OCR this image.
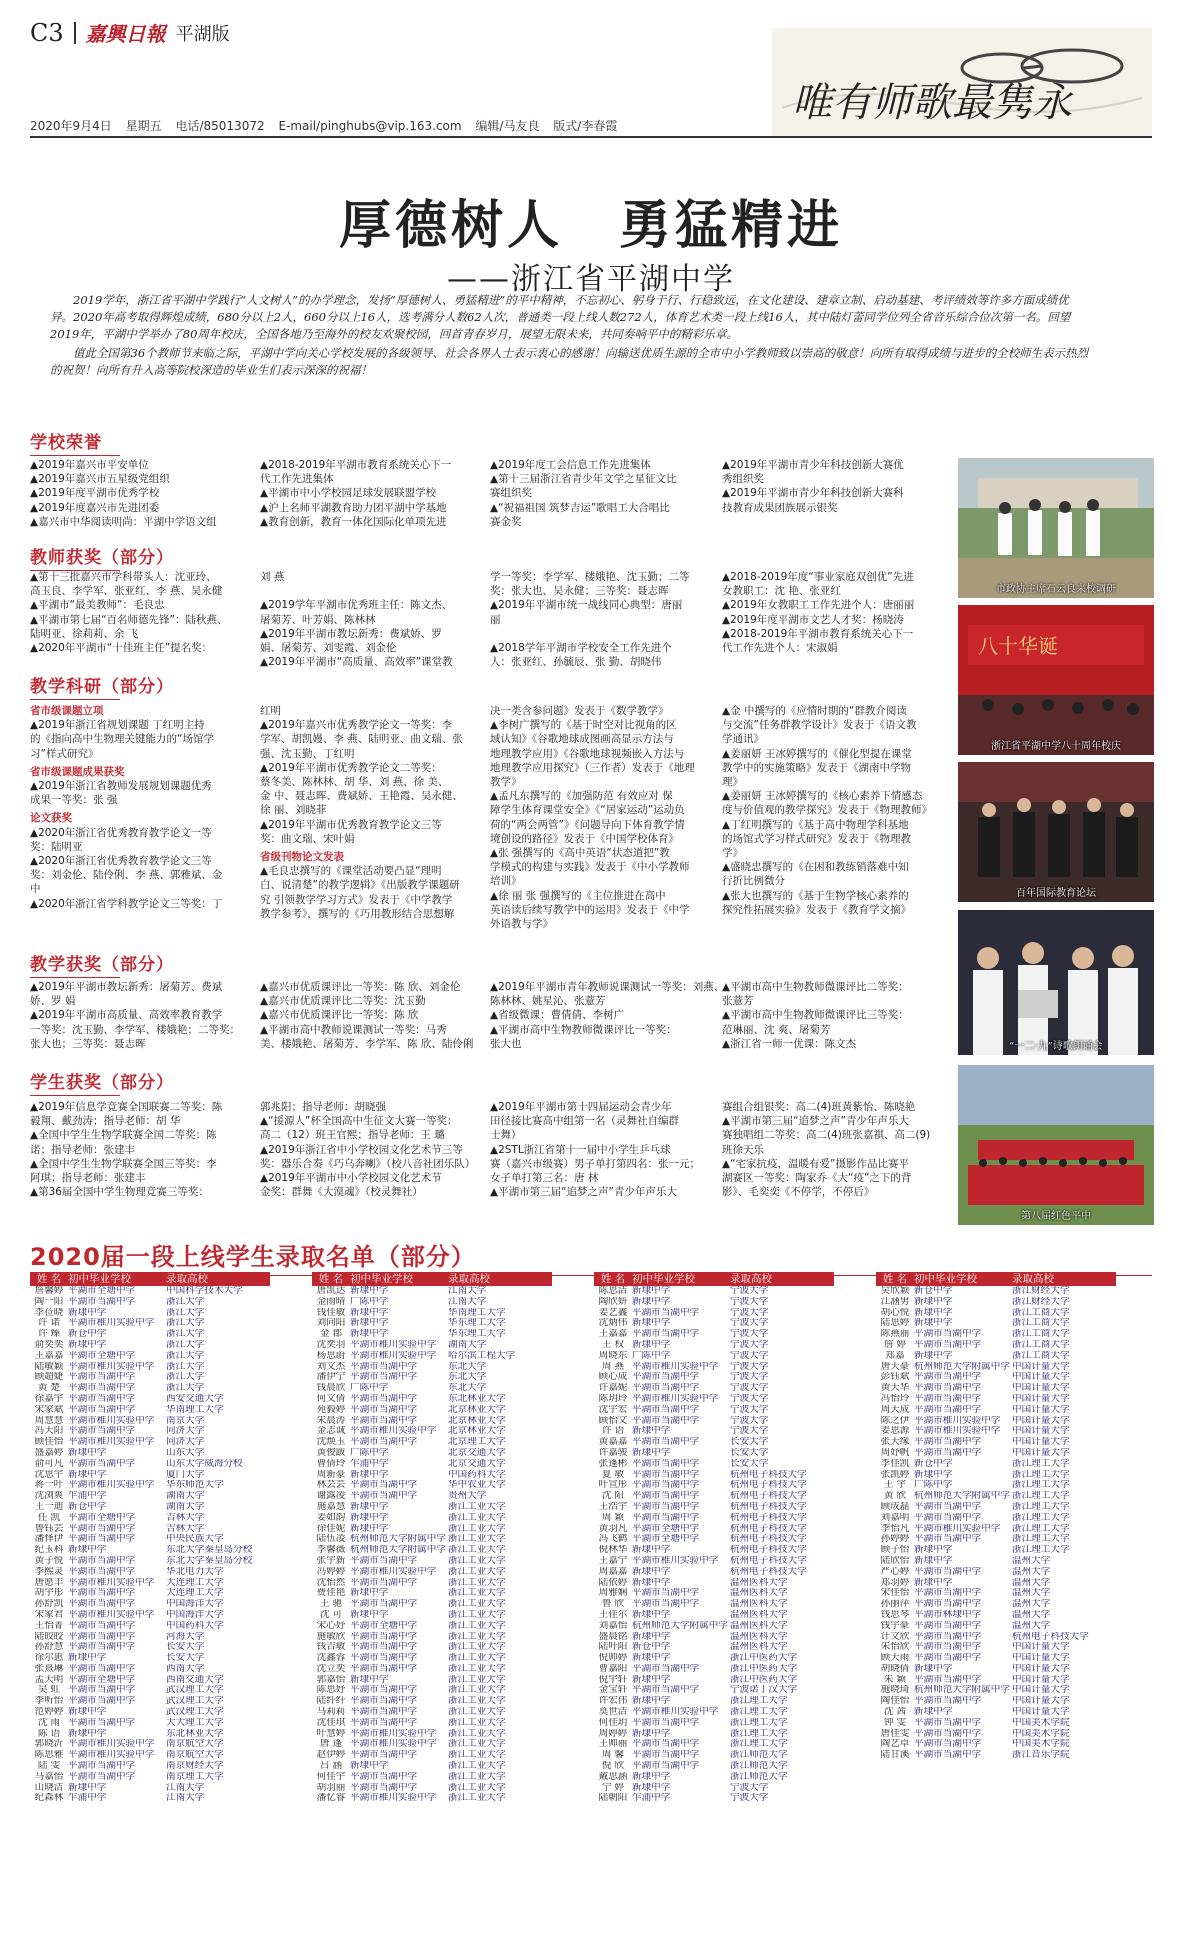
C3 嘉興日報 平湖版
唯有师歌最隽永
2020年9月4日 星期五 电话/85013072 E-mail/pinghubs@vip.163.com 编辑/马友良 版式/李春霞
厚德树人　勇猛精进
——浙江省平湖中学

2019学年，浙江省平湖中学践行“人文树人”的办学理念，发扬“厚德树人、勇猛精进”的平中精神，不忘初心、躬身于行、行稳致远，在文化建设、建章立制、启动基建、考评绩效等许多方面成绩优异。2020年高考取得辉煌成绩，680分以上2人，660分以上16人，选考满分人数62人次，普通类一段上线人数272人，体育艺术类一段上线16人，其中陆灯蕾同学位列全省音乐综合位次第一名。回望2019年，平湖中学举办了80周年校庆，全国各地乃至海外的校友欢聚校园，回首青春岁月，展望无限未来，共同奏响平中的精彩乐章。

值此全国第36个教师节来临之际，平湖中学向关心学校发展的各级领导、社会各界人士表示衷心的感谢！向输送优质生源的全市中小学教师致以崇高的敬意！向所有取得成绩与进步的全校师生表示热烈的祝贺！向所有升入高等院校深造的毕业生们表示深深的祝福！

学校荣誉
▲2019年嘉兴市平安单位
▲2019年嘉兴市五星级党组织
▲2019年度平湖市优秀学校
▲2019年度嘉兴市先进团委
▲嘉兴市中华阅读明尚：平湖中学语文组
▲2018-2019年平湖市教育系统关心下一
代工作先进集体
▲平湖市中小学校园足球发展联盟学校
▲沪上名师平湖教育助力团平湖中学基地
▲教育创新，教育一体化国际化单项先进
▲2019年度工会信息工作先进集体
▲第十三届浙江省青少年文学之星征文比
赛组织奖
▲“祝福祖国 筑梦吉运”歌唱工大合唱比
赛金奖
▲2019年平湖市青少年科技创新大赛优
秀组织奖
▲2019年平湖市青少年科技创新大赛科
技教育成果团族展示银奖
教师获奖（部分）
▲第十三批嘉兴市学科带头人：沈亚玲、
高玉良、李学军、张亚红、李 燕、吴永健
▲平湖市“最美教师”：毛良忠
▲平湖市第七届“百名师德先锋”：陆秋燕、
陆明亚、徐莉莉、余 飞
▲2020年平湖市“十佳班主任”提名奖：
刘 燕

▲2019学年平湖市优秀班主任：陈文杰、
屠菊芳、叶芳娟、陈林林
▲2019年平湖市教坛新秀：费斌娇、罗
娟、屠菊芳、刘雯霞、刘金伦
▲2019年平湖市“高质量、高效率”课堂教
学一等奖：李学军、楼娥艳、沈玉勤；二等
奖：张大也、吴永健；三等奖：聂志晖
▲2019年平湖市统一战线同心典型：唐丽
丽

▲2018学年平湖市学校安全工作先进个
人：张亚红、孙毓辰、张 勤、胡晓伟
▲2018-2019年度“事业家庭双创优”先进
女教职工：沈 艳、张亚红
▲2019年女教职工工作先进个人：唐丽丽
▲2019年度平湖市文艺人才奖：杨晓涛
▲2018-2019年平湖市教育系统关心下一
代工作先进个人：宋淑娟
教学科研（部分）
省市级课题立项
▲2019年浙江省规划课题 丁红明主持
的《指向高中生物理关键能力的“场馆学
习”样式研究》
省市级课题成果获奖
▲2019年浙江省教师发展规划课题优秀
成果一等奖：张 强
论文获奖
▲2020年浙江省优秀教育教学论文一等
奖：陆明亚
▲2020年浙江省优秀教育教学论文三等
奖：刘金伦、陆伶俐、李 燕、郭雅斌、金
中
▲2020年浙江省学科教学论文三等奖：丁
红明
▲2019年嘉兴市优秀教学论文一等奖：李
学军、胡凯嫚、李 燕、陆明亚、曲文瑞、张
强、沈玉勤、丁红明
▲2019年平湖市优秀教学论文二等奖：
蔡冬美、陈林林、胡 华、刘 燕、徐 美、
金 中、聂志晖、费斌娇、王艳霞、吴永健、
徐 丽、刘晓菲
▲2019年平湖市优秀教育教学论文三等
奖：曲文瑞、宋叶娟
省级刊物论文发表
▲毛良忠撰写的《课堂活动要凸显“理明
白、说清楚”的教学逻辑》《出版教学课题研
究 引领教学学习方式》发表于《中学教学
教学参考》，撰写的《巧用教形结合思想解
决一类含参问题》发表于《数学教学》
▲李树广撰写的《基于时空对比视角的区
域认知》《谷歌地球成图画高显示方法与
地理教学应用》《谷歌地球视频嵌入方法与
地理教学应用探究》（三作者）发表于《地理
教学》
▲孟凡东撰写的《加强防范 有效应对 保
障学生体育课堂安全》《“居家运动”运动负
荷的“两会两管”》《问题导向下体育教学情
境创设的路径》发表于《中国学校体育》
▲张 强撰写的《高中英语“状态道把”教
学模式的构建与实践》发表于《中小学教师
培训》
▲徐 丽 张 强撰写的《主位推进在高中
英语读后续写教学中的运用》发表于《中学
外语教与学》
▲金 中撰写的《应情时期的“群教介阅读
与交流”任务群教学设计》发表于《语文教
学通讯》
▲姜丽妍 王冰婷撰写的《催化型提在课堂
教学中的实施策略》发表于《湖南中学物
理》
▲姜丽妍 王冰婷撰写的《核心素养下情感态
度与价值观的教学探究》发表于《物理教师》
▲丁红明撰写的《基于高中物理学科基地
的场馆式学习样式研究》发表于《物理教
学》
▲盛晓忠撰写的《在困和教练销落难中知
行折比例微分
▲张大也撰写的《基于生物学核心素养的
探究性拓展实验》发表于《教育学文摘》
教学获奖（部分）
▲2019年平湖市教坛新秀：屠菊芳、费斌
娇、罗 娟
▲2019年平湖市高质量、高效率教育教学
一等奖：沈玉勤、李学军、楼娥艳；二等奖：
张大也；三等奖：聂志晖
▲嘉兴市优质课评比一等奖：陈 欣、刘金伦
▲嘉兴市优质课评比二等奖：沈玉勤
▲嘉兴市优质课评比一等奖：陈 欣
▲平湖市高中教师说课测试一等奖：马秀
美、楼娥艳、屠菊芳、李学军、陈 欣、陆伶俐
▲2019年平湖市青年教师说课测试一等奖：刘燕、
陈林林、姚星沁、张薏芳
▲省级微课：曹倩倩、李树广
▲平湖市高中生物教师微课评比一等奖：
张大也
▲平湖市高中生物教师微课评比二等奖：
张薏芳
▲平湖市高中生物教师微课评比三等奖：
范琳丽、沈 爽、屠菊芳
▲浙江省一师一优课：陈文杰
学生获奖（部分）
▲2019年信息学竞赛全国联赛二等奖：陈
毅翔、戴劲涛；指导老师：胡 华
▲全国中学生生物学联赛全国二等奖：陈
诺；指导老师：张建丰
▲全国中学生生物学联赛全国三等奖：李
阿琪；指导老师：张建丰
▲第36届全国中学生物理竞赛三等奖：
郭兆阳；指导老师：胡晓强
▲“援源人”杯全国高中生征文大赛一等奖：
高二（12）班王官熙；指导老师：王 璐
▲2019年浙江省中小学校园文化艺术节三等
奖：器乐合奏《巧乌奔喇》（校八音社团乐队）
▲2019年平湖市中小学校园文化艺术节
金奖：群舞《大漠魂》（校灵舞社）
▲2019年平湖市第十四届运动会青少年
田径接比赛高中组第一名（灵舞社自编群
士舞）
▲2STL浙江省第十一届中小学生乒乓球
赛（嘉兴市级赛）男子单打第四名：张一元；
女子单打第三名：唐 林
▲平湖市第三届“追梦之声”青少年声乐大
赛组合组银奖：高二(4)班黄紫怡、陈晓艳
▲平湖市第三届“追梦之声”青少年声乐大
赛独唱组二等奖：高二(4)班张嘉祺、高二(9)
班徐天乐
▲“宅家抗疫，温暖有爱”摄影作品比赛平
湖赛区一等奖：陶家乔《大“疫”之下的背
影》、毛奕奕《不停学，不停后》
市政协主席石云良来校调研
八十华诞
浙江省平湖中学八十周年校庆
百年国际教育论坛
“一二·九”诗歌朗诵会
第八届红色平中
2020届一段上线学生录取名单（部分）
姓 名 初中毕业学校	录取高校
詹馨婷 平湖市全塘中学	中国科学技术大学
陶一阳 平湖市当湖中学	浙江大学
李莅晓 新埭中学	浙江大学
许 诺 平湖市稚川实验中学	浙江大学
许 臻 新仓中学	浙江大学
俞奕奕 新埭中学	浙江大学
王嘉嘉 平湖市全塘中学	浙江大学
陆敏颖 平湖市稚川实验中学	浙江大学
顾超婕 平湖市当湖中学	浙江大学
黄 楚 平湖市当湖中学	浙江大学
徐嘉宇 平湖市当湖中学	西安交通大学
宋家斌 平湖市当湖中学	华南理工大学
周慧慧 平湖市稚川实验中学	南京大学
冯天阳 平湖市当湖中学	同济大学
顾佳怡 平湖市稚川实验中学	同济大学
盛嘉婷 新埭中学	山东大学
俞可凡 平湖市当湖中学	山东大学威海分校
沈思宇 新埭中学	厦门大学
蒋一叶 平湖市稚川实验中学	华东师范大学
沈浏爽 乍浦中学	湖南大学
王一迪 新仓中学	湖南大学
任 凯 平湖市全塘中学	吉林大学
鲁钰芸 平湖市当湖中学	吉林大学
潘怿伊 平湖市当湖中学	中央民族大学
纪玉科 新埭中学	东北大学秦皇岛分校
黄子悦 平湖市当湖中学	东北大学秦皇岛分校
李熙灵 平湖市当湖中学	华北电力大学
唐愿丰 平湖市稚川实验中学	大连理工大学
胡宇彤 平湖市当湖中学	大连理工大学
孙舒凯 平湖市当湖中学	中国海洋大学
宋家君 平湖市稚川实验中学	中国海洋大学
王怡菁 平湖市当湖中学	中国药科大学
陆皎皎 平湖市当湖中学	河海大学
孙舒慧 平湖市当湖中学	长安大学
徐尔惠 新埭中学	长安大学
张熹琳 平湖市当湖中学	西南大学
孟天明 平湖市全塘中学	西南交通大学
吴 虹 平湖市当湖中学	武汉理工大学
李听怡 平湖市当湖中学	武汉理工大学
范婷婷 新埭中学	武汉理工大学
沈 雨 平湖市当湖中学	大大理工大学
陈 语 新埭中学	东北林业大学
郭晓沂 平湖市稚川实验中学	南京航空大学
陈思雅 平湖市稚川实验中学	南京航空大学
陆 雯 平湖市当湖中学	南京财经大学
马嘉怡 平湖市当湖中学	南京理工大学
山晓洁 新埭中学	江南大学
纪森林 乍浦中学	江南大学
姓 名 初中毕业学校	录取高校
唐凯达 新埭中学	江南大学
金雨晴 广陈中学	江南大学
钱佳敏 新埭中学	华南理工大学
刘向阳 新埭中学	华东理工大学
金 郡 新埭中学	华东理工大学
沈奕羽 平湖市稚川实验中学	湖南大学
杨思蔚 平湖市稚川实验中学	哈尔滨工程大学
刘文杰 平湖市当湖中学	东北大学
潘伊宁 平湖市当湖中学	东北大学
钱晨欣 广陈中学	东北大学
何文倩 平湖市当湖中学	东北林业大学
苑毅婷 平湖市当湖中学	北京林业大学
朱晨涛 平湖市当湖中学	北京林业大学
金志诚 平湖市稚川实验中学	北京林业大学
沈焕玉 平湖市当湖中学	北京理工大学
黄俊跋 广陈中学	北京交通大学
曹倩玲 乍浦中学	北京交通大学
周新豪 新埭中学	中国药科大学
林芸芸 平湖市当湖中学	华中农业大学
谢露凌 平湖市当湖中学	贵州大学
施嘉慧 新埭中学	浙江工业大学
姜如韵 新埭中学	浙江工业大学
徐佳妮 新埭中学	浙江工业大学
陆伍凌 杭州师范大学附属中学 浙江工业大学
李馨薇 杭州师范大学附属中学 浙江工业大学
张宇新 平湖市当湖中学	浙江工业大学
冯婷婷 平湖市稚川实验中学	浙江工业大学
沈怡然 平湖市当湖中学	浙江工业大学
费佳艳 新埭中学	浙江工业大学
王 驰 平湖市当湖中学	浙江工业大学
沈 可 新埭中学	浙江工业大学
宋心妤 平湖市全塘中学	浙江工业大学
施敏欣 平湖市当湖中学	浙江工业大学
钱吉敏 平湖市当湖中学	浙江工业大学
沈鑫蓉 平湖市当湖中学	浙江工业大学
沈立奕 平湖市当湖中学	浙江工业大学
郭嘉怡 新埭中学	浙江工业大学
陈思妤 平湖市当湖中学	浙江工业大学
陆纤纤 平湖市当湖中学	浙江工业大学
马莉莉 平湖市当湖中学	浙江工业大学
沈佳琪 平湖市当湖中学	浙江工业大学
叶慧婷 平湖市稚川实验中学	浙江工业大学
唐 蓬 平湖市稚川实验中学	浙江工业大学
赵伊婷 平湖市当湖中学	浙江工业大学
吕 涵 新埭中学	浙江工业大学
何佳宇 平湖市当湖中学	浙江工业大学
胡羽丽 平湖市当湖中学	浙江工业大学
潘忆睿 平湖市稚川实验中学	浙江工业大学
姓 名 初中毕业学校	录取高校
陈思洁 新埭中学	宁波大学
陶欣妍 新埭中学	宁波大学
姜艺鑫 平湖市当湖中学	宁波大学
沈炳伟 新埭中学	宁波大学
王嘉嘉 平湖市当湖中学	宁波大学
王 权 新埭中学	宁波大学
周晓东 广陈中学	宁波大学
周 燕 平湖市稚川实验中学	宁波大学
顾心成 平湖市当湖中学	宁波大学
许嘉妮 平湖市当湖中学	宁波大学
陈玥玲 平湖市稚川实验中学	宁波大学
沈宇宏 平湖市当湖中学	宁波大学
顾怡文 平湖市当湖中学	宁波大学
许 语 新埭中学	宁波大学
黄嘉嘉 平湖市当湖中学	长安大学
许嘉骏 新埭中学	长安大学
张蓬彬 平湖市当湖中学	长安大学
夏 敏 平湖市当湖中学	杭州电子科技大学
叶宣彤 平湖市当湖中学	杭州电子科技大学
沈 阳 平湖市当湖中学	杭州电子科技大学
王浩宇 平湖市当湖中学	杭州电子科技大学
周 颖 平湖市当湖中学	杭州电子科技大学
黄羽凡 平湖市全塘中学	杭州电子科技大学
冯飞鹤 平湖市全塘中学	杭州电子科技大学
倪林华 新埭中学	杭州电子科技大学
王嘉宁 平湖市稚川实验中学	杭州电子科技大学
周嘉嘉 新埭中学	杭州电子科技大学
陆依婷 新埭中学	温州医科大学
周雅娴 平湖市当湖中学	温州医科大学
鲁 欣 平湖市当湖中学	温州医科大学
王佳尔 新埭中学	温州医科大学
刘嘉怡 杭州师范大学附属中学 温州医科大学
盛晨铭 新埭中学	温州医科大学
陆叶阳 新仓中学	温州医科大学
倪帅婷 新埭中学	浙江中医药大学
曹嘉阳 平湖市当湖中学	浙江中医药大学
倪宇轩 新埭中学	浙江中医药大学
金宝轩 平湖市当湖中学	宁波诺丁汉大学
许宏伟 新埭中学	浙江理工大学
莫世洁 平湖市稚川实验中学	浙江理工大学
何佳玥 平湖市当湖中学	浙江理工大学
周婷婷 新埭中学	浙江理工大学
王帅丽 平湖市当湖中学	浙江理工大学
周 馨 平湖市当湖中学	浙江师范大学
倪 欣 平湖市当湖中学	浙江师范大学
戴思涵 新埭中学	浙江师范大学
宁 婷 新埭中学	宁波大学
陆朝阳 乍浦中学	宁波大学
姓 名 初中毕业学校	录取高校
吴欣颖 新仓中学	浙江财经大学
江涵男 新埭中学	浙江财经大学
胡心悦 新埭中学	浙江工商大学
陆思婷 新埭中学	浙江工商大学
陈燕丽 平湖市当湖中学	浙江工商大学
詹 婷 平湖市当湖中学	浙江工商大学
郑嘉 新埭中学	浙江工商大学
唐天豪 杭州师范大学附属中学 中国计量大学
彭钰斌 平湖市当湖中学	中国计量大学
黄天华 平湖市当湖中学	中国计量大学
冯怡玲 平湖市当湖中学	中国计量大学
周天成 平湖市当湖中学	中国计量大学
陈之伊 平湖市稚川实验中学	中国计量大学
姜思源 平湖市稚川实验中学	中国计量大学
张天缘 平湖市当湖中学	中国计量大学
周妤帆 平湖市当湖中学	中国计量大学
李佳凯 新仓中学	浙江理工大学
张凯婷 新埭中学	浙江理工大学
王 宇 广陈中学	浙江理工大学
黄 欣 杭州师范大学附属中学 浙江理工大学
顾成磊 平湖市当湖中学	浙江理工大学
刘嘉明 平湖市当湖中学	浙江理工大学
李怡凡 平湖市稚川实验中学	浙江理工大学
孙婷婷 平湖市当湖中学	浙江理工大学
顾子怡 新埭中学	浙江理工大学
陆欣怡 新埭中学	温州大学
严心婷 平湖市当湖中学	温州大学
郑羽婷 新埭中学	温州大学
宋佳怡 平湖市当湖中学	温州大学
孙丽萍 平湖市当湖中学	温州大学
钱思琴 平湖市林埭中学	温州大学
钱宇豪 平湖市当湖中学	温州大学
计文欣 平湖市当湖中学	杭州电子科技大学
朱怡欣 平湖市当湖中学	中国计量大学
顾天雨 平湖市当湖中学	中国计量大学
胡晓倩 新埭中学	中国计量大学
朱 颖 平湖市当湖中学	中国计量大学
施晓琦 杭州师范大学附属中学 中国计量大学
陶佳怡 平湖市当湖中学	中国计量大学
沈 茜 新埭中学	中国计量大学
钟 雯 平湖市当湖中学	中国美术学院
唐佳雯 平湖市当湖中学	中国美术学院
陶艺卓 平湖市当湖中学	中国美术学院
陆甘溪 平湖市当湖中学	浙江音乐学院
